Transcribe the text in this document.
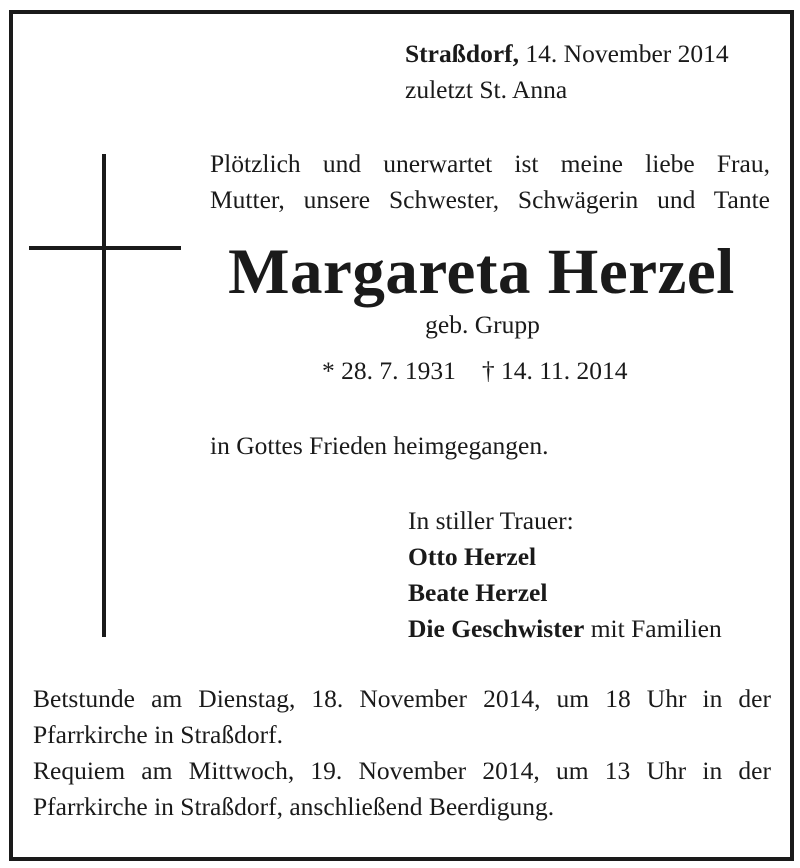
Straßdorf, 14. November 2014
zuletzt St. Anna
Plötzlich und unerwartet ist meine liebe Frau,
Mutter, unsere Schwester, Schwägerin und Tante
Margareta Herzel
geb. Grupp
* 28. 7. 1931 † 14. 11. 2014
in Gottes Frieden heimgegangen.
In stiller Trauer:
Otto Herzel
Beate Herzel
Die Geschwister mit Familien
Betstunde am Dienstag, 18. November 2014, um 18 Uhr in der
Pfarrkirche in Straßdorf.
Requiem am Mittwoch, 19. November 2014, um 13 Uhr in der
Pfarrkirche in Straßdorf, anschließend Beerdigung.
